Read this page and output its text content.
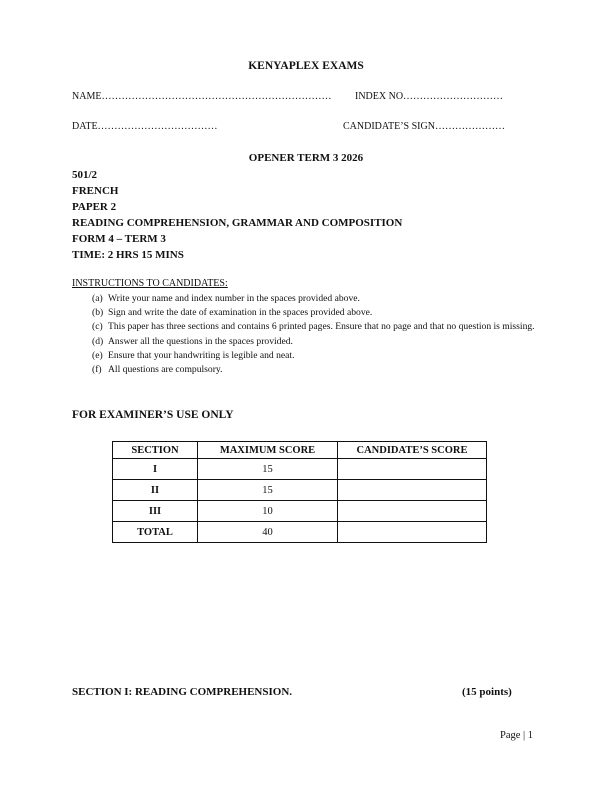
KENYAPLEX EXAMS
NAME…………………………………………………………… INDEX NO…………………………
DATE………………………………	CANDIDATE’S SIGN…………………
OPENER TERM 3 2026
501/2
FRENCH
PAPER 2
READING COMPREHENSION, GRAMMAR AND COMPOSITION
FORM 4 – TERM 3
TIME: 2 HRS 15 MINS
INSTRUCTIONS TO CANDIDATES:
(a) Write your name and index number in the spaces provided above.
(b) Sign and write the date of examination in the spaces provided above.
(c) This paper has three sections and contains 6 printed pages. Ensure that no page and that no question is missing.
(d) Answer all the questions in the spaces provided.
(e) Ensure that your handwriting is legible and neat.
(f) All questions are compulsory.
FOR EXAMINER’S USE ONLY
SECTION	MAXIMUM SCORE	CANDIDATE’S SCORE
I	15	
II	15	
III	10	
TOTAL	40	
SECTION I: READING COMPREHENSION.	(15 points)
Page | 1
